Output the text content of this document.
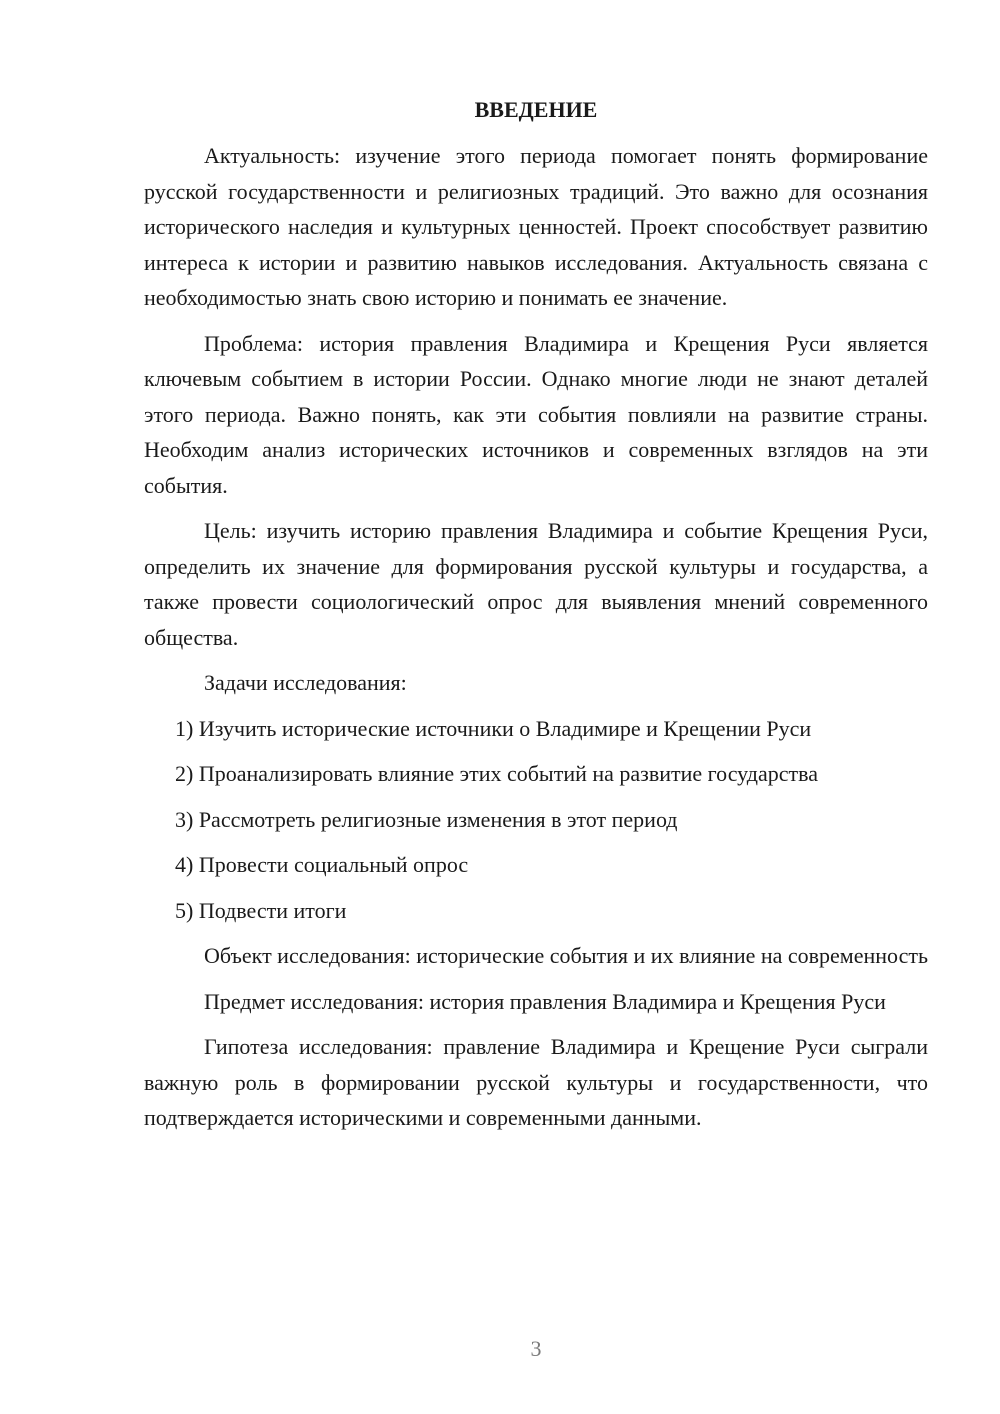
ВВЕДЕНИЕ

Актуальность: изучение этого периода помогает понять формирование русской государственности и религиозных традиций. Это важно для осознания исторического наследия и культурных ценностей. Проект способствует развитию интереса к истории и развитию навыков исследования. Актуальность связана с необходимостью знать свою историю и понимать ее значение.

Проблема: история правления Владимира и Крещения Руси является ключевым событием в истории России. Однако многие люди не знают деталей этого периода. Важно понять, как эти события повлияли на развитие страны. Необходим анализ исторических источников и современных взглядов на эти события.

Цель: изучить историю правления Владимира и событие Крещения Руси, определить их значение для формирования русской культуры и государства, а также провести социологический опрос для выявления мнений современного общества.

Задачи исследования:

1) Изучить исторические источники о Владимире и Крещении Руси
2) Проанализировать влияние этих событий на развитие государства
3) Рассмотреть религиозные изменения в этот период
4) Провести социальный опрос
5) Подвести итоги

Объект исследования: исторические события и их влияние на современность

Предмет исследования: история правления Владимира и Крещения Руси

Гипотеза исследования: правление Владимира и Крещение Руси сыграли важную роль в формировании русской культуры и государственности, что подтверждается историческими и современными данными.

3
